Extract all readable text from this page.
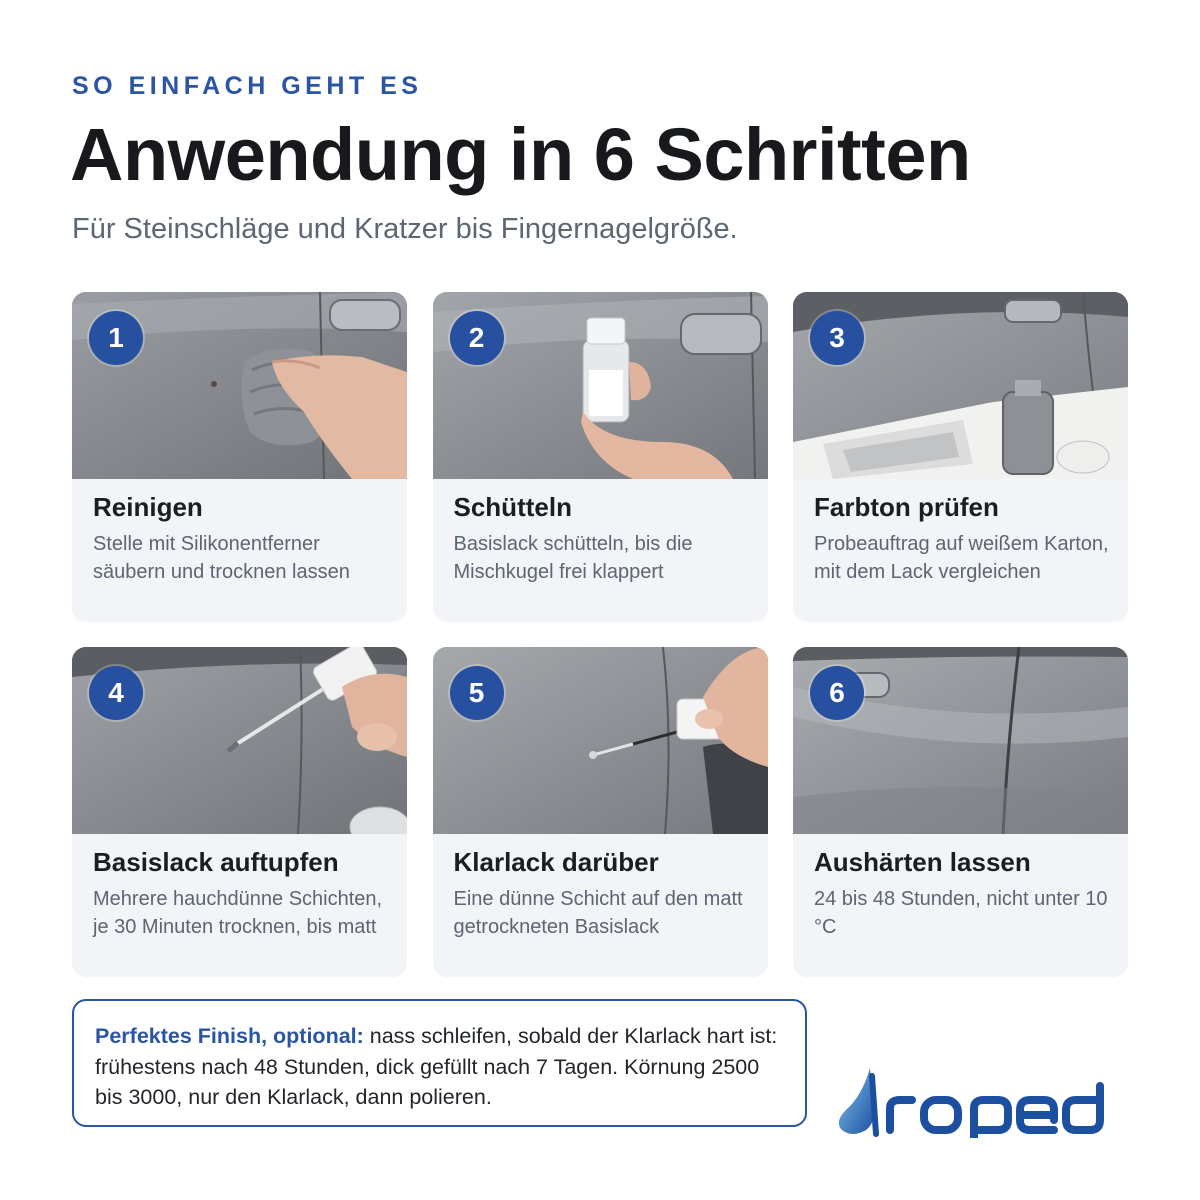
SO EINFACH GEHT ES
Anwendung in 6 Schritten
Für Steinschläge und Kratzer bis Fingernagelgröße.
1
Reinigen
Stelle mit Silikonentferner säubern und trocknen lassen
2
Schütteln
Basislack schütteln, bis die Mischkugel frei klappert
3
Farbton prüfen
Probeauftrag auf weißem Karton, mit dem Lack vergleichen
4
Basislack auftupfen
Mehrere hauchdünne Schichten, je 30 Minuten trocknen, bis matt
5
Klarlack darüber
Eine dünne Schicht auf den matt getrockneten Basislack
6
Aushärten lassen
24 bis 48 Stunden, nicht unter 10 °C
Perfektes Finish, optional: nass schleifen, sobald der Klarlack hart ist: frühestens nach 48 Stunden, dick gefüllt nach 7 Tagen. Körnung 2500 bis 3000, nur den Klarlack, dann polieren.
